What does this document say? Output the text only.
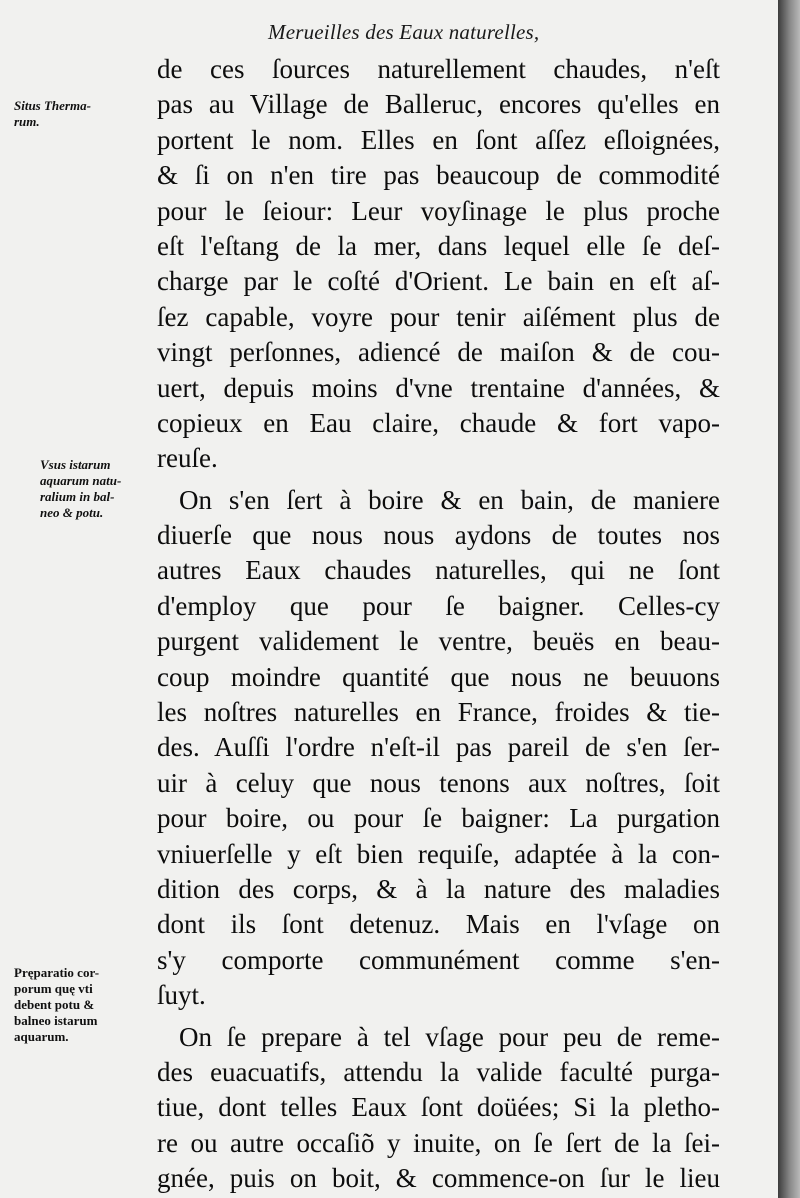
Merueilles des Eaux naturelles,
Situs Therma-
rum.
Vsus istarum
aquarum natu-
ralium in bal-
neo & potu.
Pręparatio cor-
porum quę vti
debent potu &
balneo istarum
aquarum.
de ces ſources naturellement chaudes, n'eſt
pas au Village de Balleruc, encores qu'elles en
portent le nom. Elles en ſont aſſez eſloignées,
& ſi on n'en tire pas beaucoup de commodité
pour le ſeiour: Leur voyſinage le plus proche
eſt l'eſtang de la mer, dans lequel elle ſe deſ-
charge par le coſté d'Orient. Le bain en eſt aſ-
ſez capable, voyre pour tenir aiſément plus de
vingt perſonnes, adiencé de maiſon & de cou-
uert, depuis moins d'vne trentaine d'années, &
copieux en Eau claire, chaude & fort vapo-
reuſe.
On s'en ſert à boire & en bain, de maniere
diuerſe que nous nous aydons de toutes nos
autres Eaux chaudes naturelles, qui ne ſont
d'employ que pour ſe baigner. Celles-cy
purgent validement le ventre, beuës en beau-
coup moindre quantité que nous ne beuuons
les noſtres naturelles en France, froides & tie-
des. Auſſi l'ordre n'eſt-il pas pareil de s'en ſer-
uir à celuy que nous tenons aux noſtres, ſoit
pour boire, ou pour ſe baigner: La purgation
vniuerſelle y eſt bien requiſe, adaptée à la con-
dition des corps, & à la nature des maladies
dont ils ſont detenuz. Mais en l'vſage on
s'y comporte communément comme s'en-
ſuyt.
On ſe prepare à tel vſage pour peu de reme-
des euacuatifs, attendu la valide faculté purga-
tiue, dont telles Eaux ſont doüées; Si la pletho-
re ou autre occaſiõ y inuite, on ſe ſert de la ſei-
gnée, puis on boit, & commence-on ſur le lieu
